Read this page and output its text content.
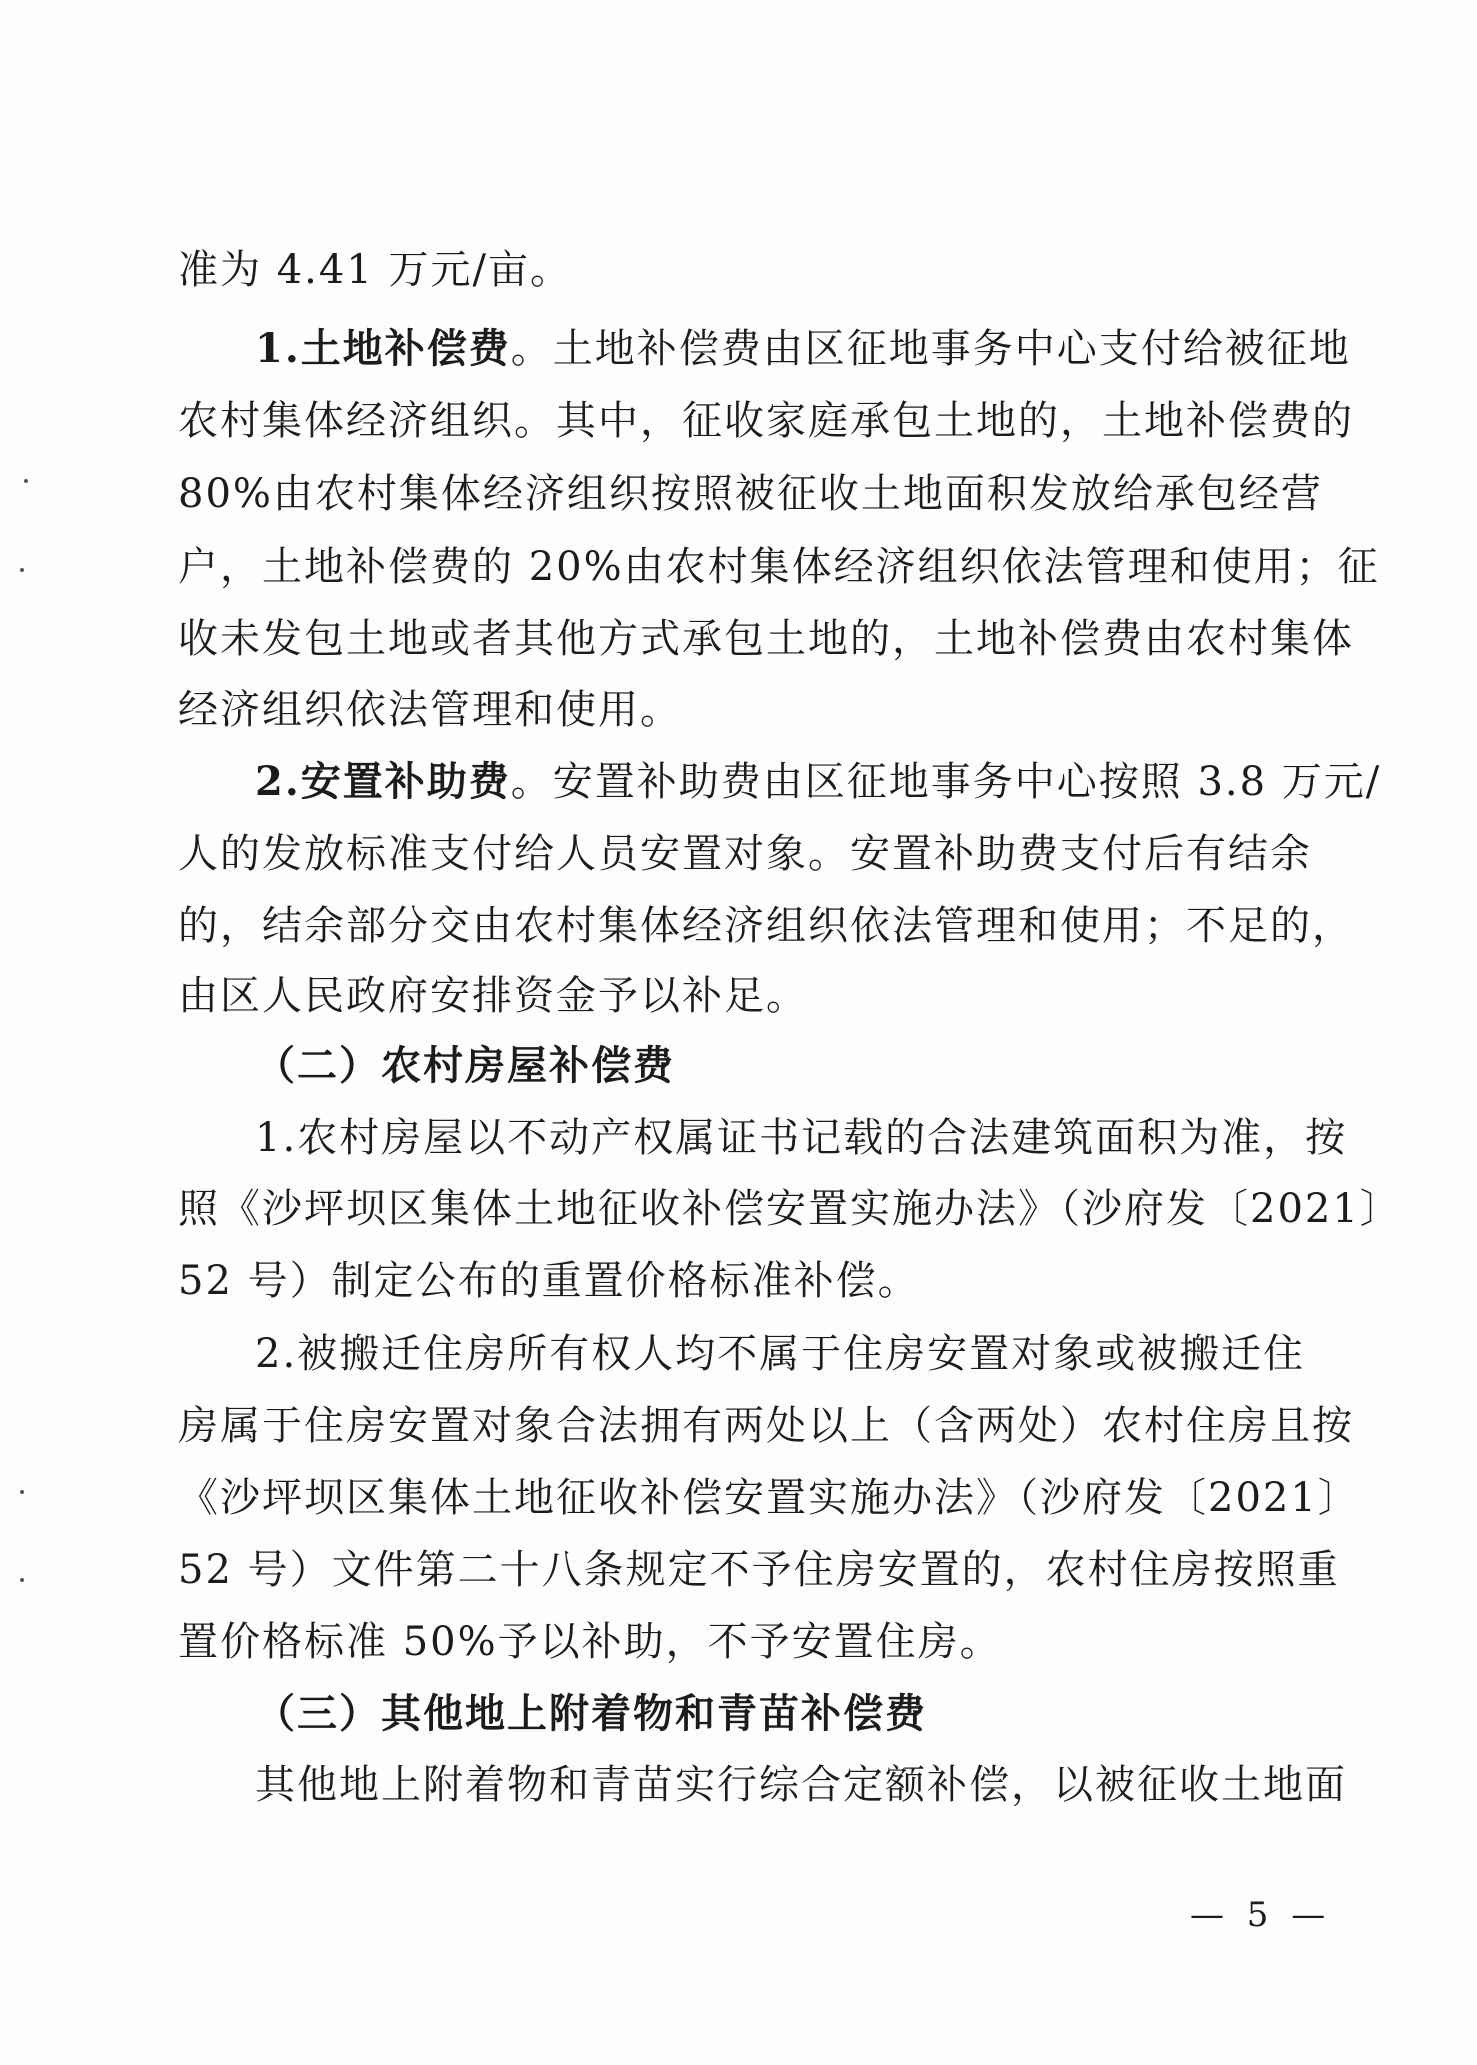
准为 4.41 万元/亩。
1.土地补偿费。土地补偿费由区征地事务中心支付给被征地
农村集体经济组织。其中，征收家庭承包土地的，土地补偿费的
80%由农村集体经济组织按照被征收土地面积发放给承包经营
户，土地补偿费的 20%由农村集体经济组织依法管理和使用；征
收未发包土地或者其他方式承包土地的，土地补偿费由农村集体
经济组织依法管理和使用。
2.安置补助费。安置补助费由区征地事务中心按照 3.8 万元/
人的发放标准支付给人员安置对象。安置补助费支付后有结余
的，结余部分交由农村集体经济组织依法管理和使用；不足的，
由区人民政府安排资金予以补足。
（二）农村房屋补偿费
1.农村房屋以不动产权属证书记载的合法建筑面积为准，按
照《沙坪坝区集体土地征收补偿安置实施办法》（沙府发〔2021〕
52 号）制定公布的重置价格标准补偿。
2.被搬迁住房所有权人均不属于住房安置对象或被搬迁住
房属于住房安置对象合法拥有两处以上（含两处）农村住房且按
《沙坪坝区集体土地征收补偿安置实施办法》（沙府发〔2021〕
52 号）文件第二十八条规定不予住房安置的，农村住房按照重
置价格标准 50%予以补助，不予安置住房。
（三）其他地上附着物和青苗补偿费
其他地上附着物和青苗实行综合定额补偿，以被征收土地面
— 5 —
